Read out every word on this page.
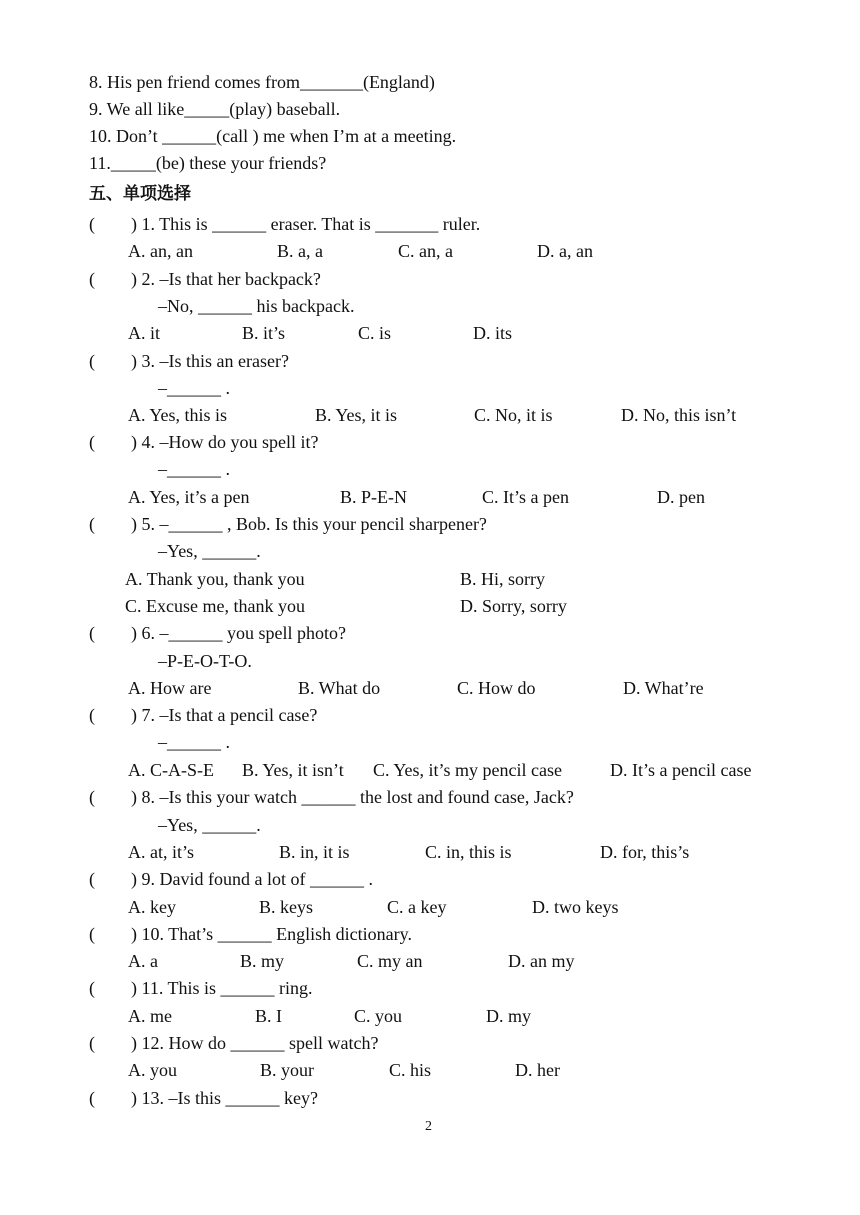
8. His pen friend comes from_______(England)
9. We all like_____(play) baseball.
10. Don’t ______(call ) me when I’m at a meeting.
11._____(be) these your friends?
五、单项选择
(        ) 1. This is ______ eraser. That is _______ ruler.
A. an, an	B. a, a	C. an, a	D. a, an
(        ) 2. –Is that her backpack?
–No, ______ his backpack.
A. it	B. it’s	C. is	D. its
(        ) 3. –Is this an eraser?
–______ .
A. Yes, this is	B. Yes, it is	C. No, it is	D. No, this isn’t
(        ) 4. –How do you spell it?
–______ .
A. Yes, it’s a pen	B. P-E-N	C. It’s a pen	D. pen
(        ) 5. –______ , Bob. Is this your pencil sharpener?
–Yes, ______.
A. Thank you, thank you	B. Hi, sorry
C. Excuse me, thank you	D. Sorry, sorry
(        ) 6. –______ you spell photo?
–P-E-O-T-O.
A. How are	B. What do	C. How do	D. What’re
(        ) 7. –Is that a pencil case?
–______ .
A. C-A-S-E B. Yes, it isn’t C. Yes, it’s my pencil case	D. It’s a pencil case
(        ) 8. –Is this your watch ______ the lost and found case, Jack?
–Yes, ______.
A. at, it’s	B. in, it is	C. in, this is	D. for, this’s
(        ) 9. David found a lot of ______ .
A. key	B. keys	C. a key	D. two keys
(        ) 10. That’s ______ English dictionary.
A. a	B. my	C. my an	D. an my
(        ) 11. This is ______ ring.
A. me	B. I	C. you	D. my
(        ) 12. How do ______ spell watch?
A. you	B. your	C. his	D. her
(        ) 13. –Is this ______ key?
2
